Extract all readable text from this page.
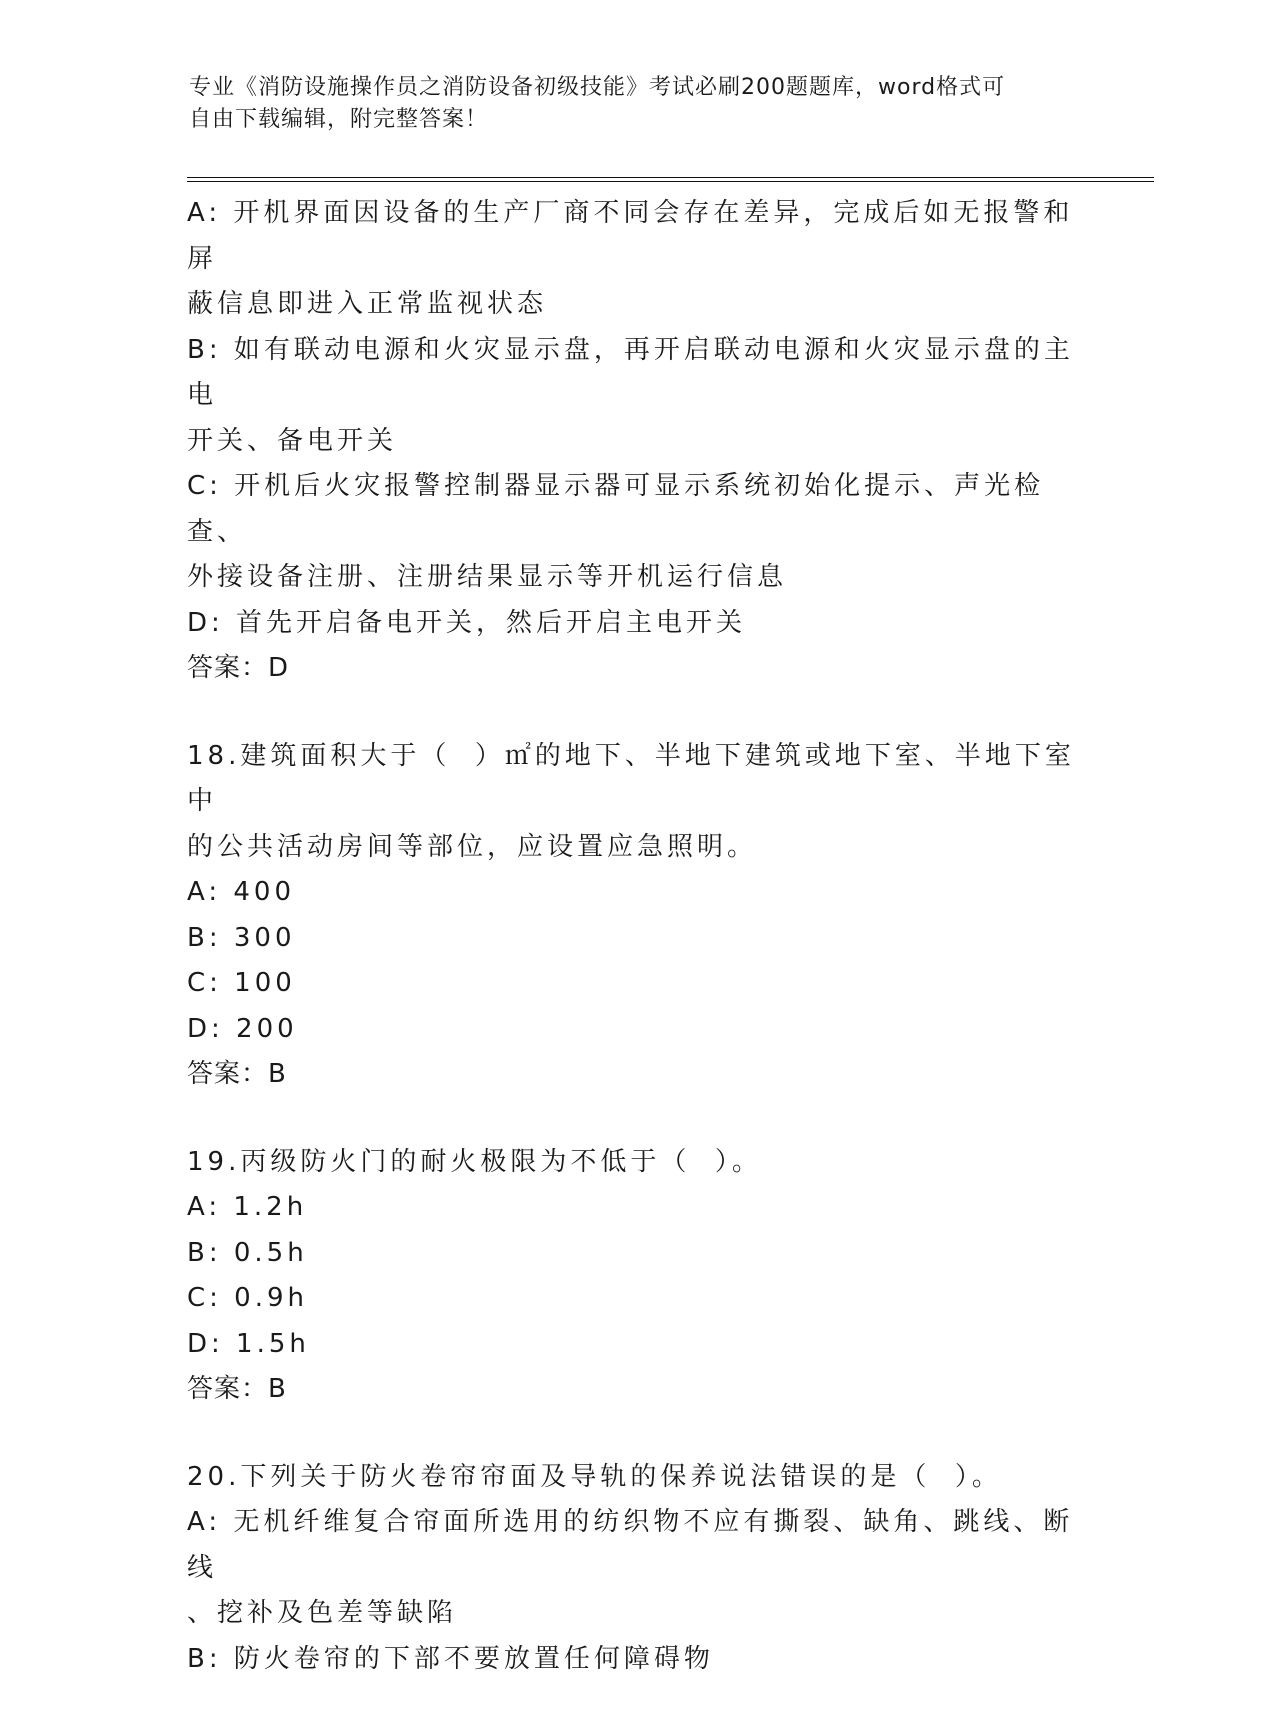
专业《消防设施操作员之消防设备初级技能》考试必刷200题题库，word格式可
自由下载编辑，附完整答案！
A: 开机界面因设备的生产厂商不同会存在差异，完成后如无报警和屏
蔽信息即进入正常监视状态
B: 如有联动电源和火灾显示盘，再开启联动电源和火灾显示盘的主电
开关、备电开关
C: 开机后火灾报警控制器显示器可显示系统初始化提示、声光检查、
外接设备注册、注册结果显示等开机运行信息
D: 首先开启备电开关，然后开启主电开关
答案：D
18.建筑面积大于（  ）㎡的地下、半地下建筑或地下室、半地下室中
的公共活动房间等部位，应设置应急照明。
A: 400
B: 300
C: 100
D: 200
答案：B
19.丙级防火门的耐火极限为不低于（  ）。
A: 1.2h
B: 0.5h
C: 0.9h
D: 1.5h
答案：B
20.下列关于防火卷帘帘面及导轨的保养说法错误的是（  ）。
A: 无机纤维复合帘面所选用的纺织物不应有撕裂、缺角、跳线、断线
、挖补及色差等缺陷
B: 防火卷帘的下部不要放置任何障碍物
